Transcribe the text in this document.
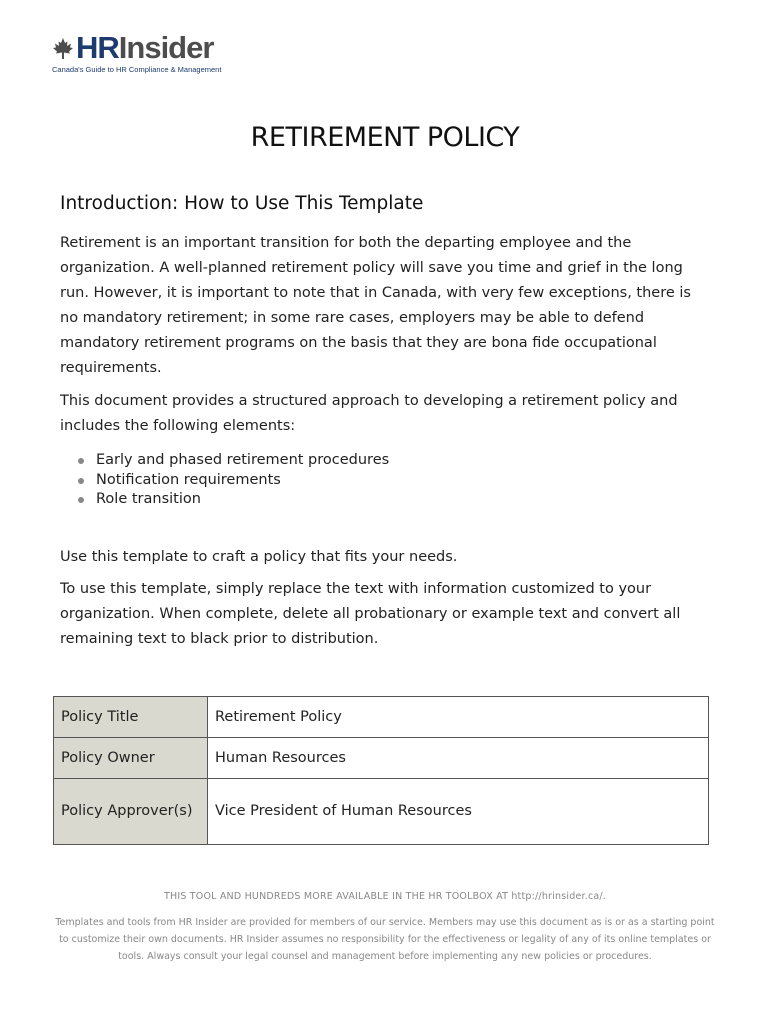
HR Insider
Canada's Guide to HR Compliance & Management
RETIREMENT POLICY
Introduction: How to Use This Template

Retirement is an important transition for both the departing employee and the organization. A well-planned retirement policy will save you time and grief in the long run. However, it is important to note that in Canada, with very few exceptions, there is no mandatory retirement; in some rare cases, employers may be able to defend mandatory retirement programs on the basis that they are bona fide occupational requirements.

This document provides a structured approach to developing a retirement policy and includes the following elements:

Early and phased retirement procedures
Notification requirements
Role transition

Use this template to craft a policy that fits your needs.

To use this template, simply replace the text with information customized to your organization. When complete, delete all probationary or example text and convert all remaining text to black prior to distribution.

Policy Title	Retirement Policy
Policy Owner	Human Resources
Policy Approver(s)	Vice President of Human Resources
THIS TOOL AND HUNDREDS MORE AVAILABLE IN THE HR TOOLBOX AT http://hrinsider.ca/.
Templates and tools from HR Insider are provided for members of our service. Members may use this document as is or as a starting point to customize their own documents. HR Insider assumes no responsibility for the effectiveness or legality of any of its online templates or tools. Always consult your legal counsel and management before implementing any new policies or procedures.
